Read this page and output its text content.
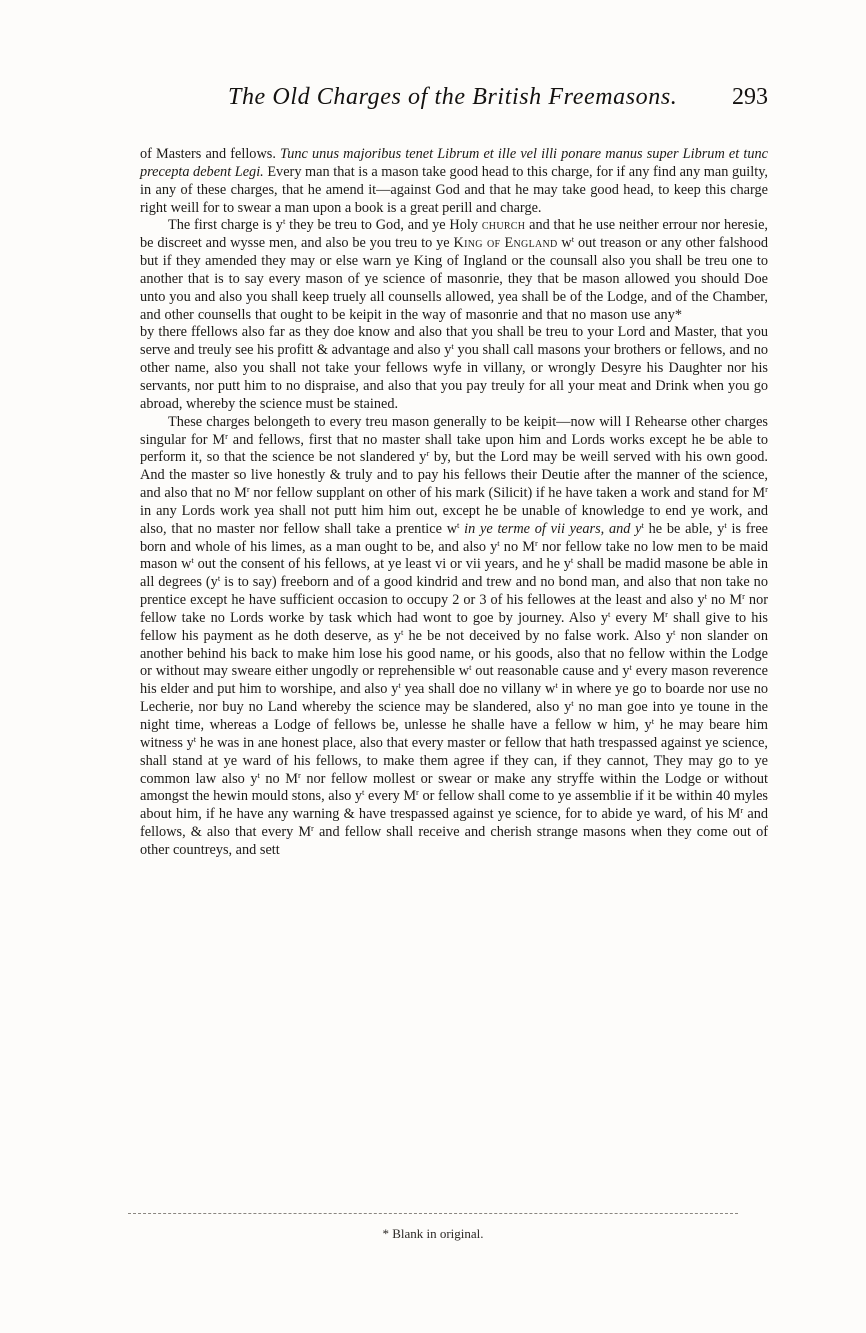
The Old Charges of the British Freemasons. 293

of Masters and fellows. Tunc unus majoribus tenet Librum et ille vel illi ponare manus super Librum et tunc precepta debent Legi. Every man that is a mason take good head to this charge, for if any find any man guilty, in any of these charges, that he amend it—against God and that he may take good head, to keep this charge right weill for to swear a man upon a book is a great perill and charge.

The first charge is $y^t$ they be treu to God, and ye Holy church and that he use neither errour nor heresie, be discreet and wysse men, and also be you treu to ye King of England $w^t$ out treason or any other falshood but if they amended they may or else warn ye King of Ingland or the counsall also you shall be treu one to another that is to say every mason of ye science of masonrie, they that be mason allowed you should Doe unto you and also you shall keep truely all counsells allowed, yea shall be of the Lodge, and of the Chamber, and other counsells that ought to be keipit in the way of masonrie and that no mason use any*by there ffellows also far as they doe know and also that you shall be treu to your Lord and Master, that you serve and treuly see his profitt & advantage and also $y^t$ you shall call masons your brothers or fellows, and no other name, also you shall not take your fellows wyfe in villany, or wrongly Desyre his Daughter nor his servants, nor putt him to no dispraise, and also that you pay treuly for all your meat and Drink when you go abroad, whereby the science must be stained.

These charges belongeth to every treu mason generally to be keipit—now will I Rehearse other charges singular for $M^r$ and fellows, first that no master shall take upon him and Lords works except he be able to perform it, so that the science be not slandered $y^r$ by, but the Lord may be weill served with his own good. And the master so live honestly & truly and to pay his fellows their Deutie after the manner of the science, and also that no $M^r$ nor fellow supplant on other of his mark (Silicit) if he have taken a work and stand for $M^r$ in any Lords work yea shall not putt him him out, except he be unable of knowledge to end ye work, and also, that no master nor fellow shall take a prentice $w^t$ in ye terme of vii years, and $y^t$ he be able, $y^t$ is free born and whole of his limes, as a man ought to be, and also $y^t$ no $M^r$ nor fellow take no low men to be maid mason $w^t$ out the consent of his fellows, at ye least vi or vii years, and he $y^t$ shall be madid masone be able in all degrees ($y^t$ is to say) freeborn and of a good kindrid and trew and no bond man, and also that non take no prentice except he have sufficient occasion to occupy 2 or 3 of his fellowes at the least and also $y^t$ no $M^r$ nor fellow take no Lords worke by task which had wont to goe by journey. Also $y^t$ every $M^r$ shall give to his fellow his payment as he doth deserve, as $y^t$ he be not deceived by no false work. Also $y^t$ non slander on another behind his back to make him lose his good name, or his goods, also that no fellow within the Lodge or without may sweare either ungodly or reprehensible $w^t$ out reasonable cause and $y^t$ every mason reverence his elder and put him to worshipe, and also $y^t$ yea shall doe no villany $w^t$ in where ye go to boarde nor use no Lecherie, nor buy no Land whereby the science may be slandered, also $y^t$ no man goe into ye toune in the night time, whereas a Lodge of fellows be, unlesse he shalle have a fellow w him, $y^t$ he may beare him witness $y^t$ he was in ane honest place, also that every master or fellow that hath trespassed against ye science, shall stand at ye ward of his fellows, to make them agree if they can, if they cannot, They may go to ye common law also $y^t$ no $M^r$ nor fellow mollest or swear or make any stryffe within the Lodge or without amongst the hewin mould stons, also $y^t$ every $M^r$ or fellow shall come to ye assemblie if it be within 40 myles about him, if he have any warning & have trespassed against ye science, for to abide ye ward, of his $M^r$ and fellows, & also that every $M^r$ and fellow shall receive and cherish strange masons when they come out of other countreys, and sett

* Blank in original.
